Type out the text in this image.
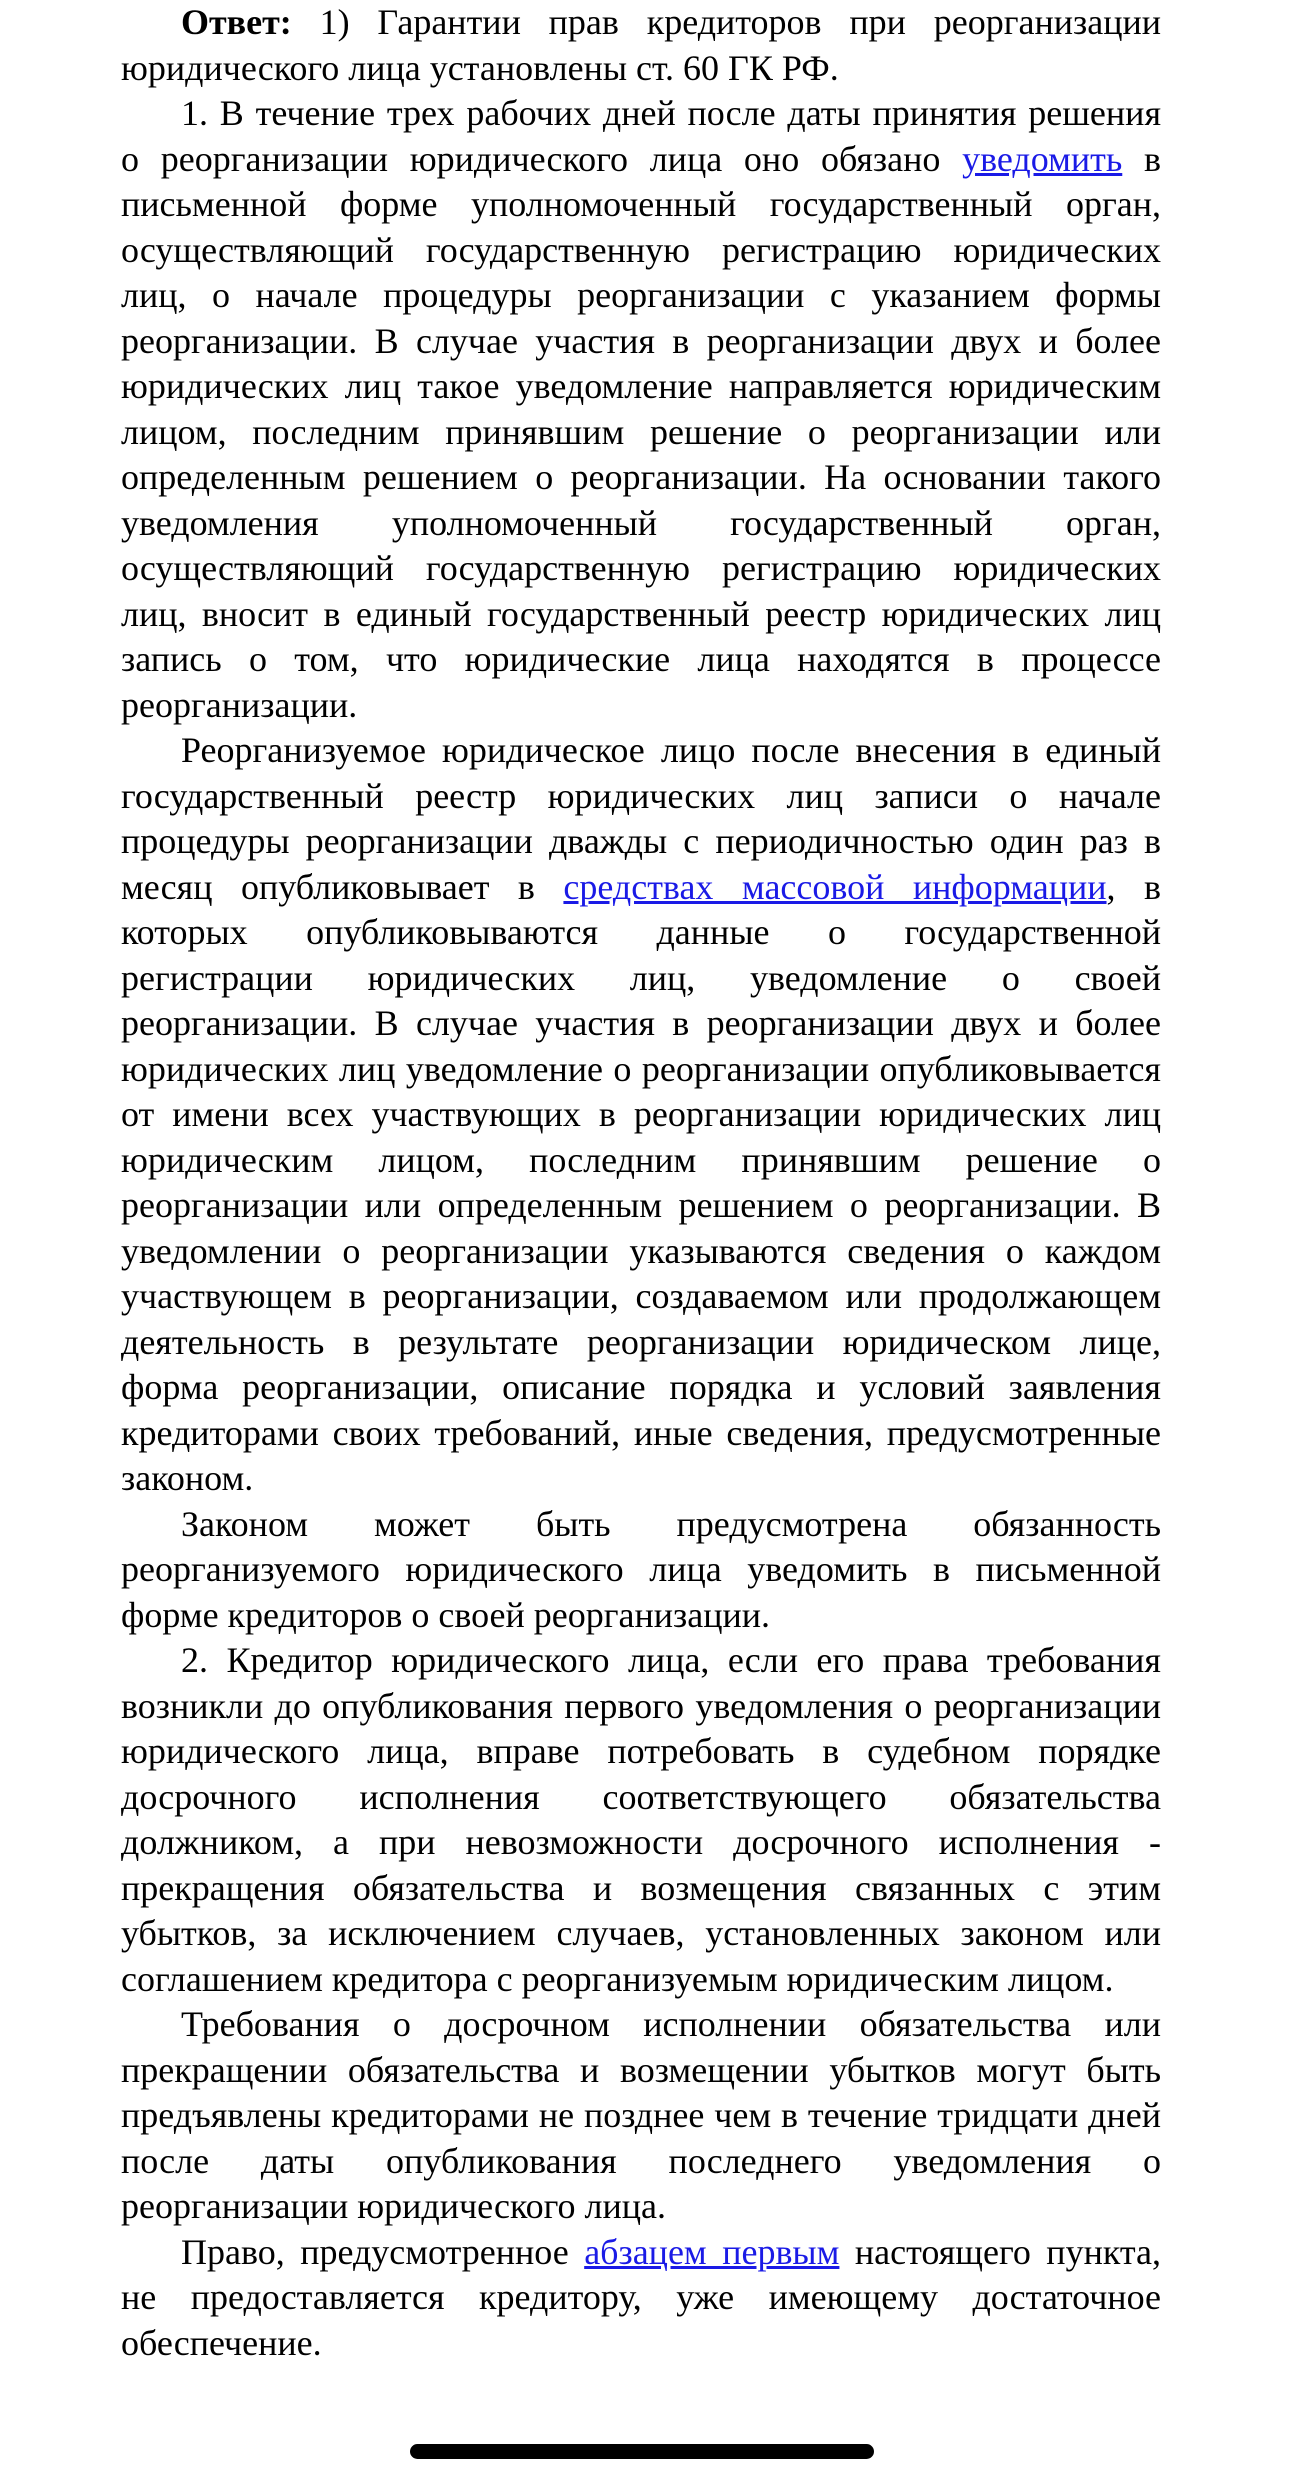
Ответ: 1) Гарантии прав кредиторов при реорганизации юридического лица установлены ст. 60 ГК РФ.

1. В течение трех рабочих дней после даты принятия решения о реорганизации юридического лица оно обязано уведомить в письменной форме уполномоченный государственный орган, осуществляющий государственную регистрацию юридических лиц, о начале процедуры реорганизации с указанием формы реорганизации. В случае участия в реорганизации двух и более юридических лиц такое уведомление направляется юридическим лицом, последним принявшим решение о реорганизации или определенным решением о реорганизации. На основании такого уведомления уполномоченный государственный орган, осуществляющий государственную регистрацию юридических лиц, вносит в единый государственный реестр юридических лиц запись о том, что юридические лица находятся в процессе реорганизации.

Реорганизуемое юридическое лицо после внесения в единый государственный реестр юридических лиц записи о начале процедуры реорганизации дважды с периодичностью один раз в месяц опубликовывает в средствах массовой информации, в которых опубликовываются данные о государственной регистрации юридических лиц, уведомление о своей реорганизации. В случае участия в реорганизации двух и более юридических лиц уведомление о реорганизации опубликовывается от имени всех участвующих в реорганизации юридических лиц юридическим лицом, последним принявшим решение о реорганизации или определенным решением о реорганизации. В уведомлении о реорганизации указываются сведения о каждом участвующем в реорганизации, создаваемом или продолжающем деятельность в результате реорганизации юридическом лице, форма реорганизации, описание порядка и условий заявления кредиторами своих требований, иные сведения, предусмотренные законом.

Законом может быть предусмотрена обязанность реорганизуемого юридического лица уведомить в письменной форме кредиторов о своей реорганизации.

2. Кредитор юридического лица, если его права требования возникли до опубликования первого уведомления о реорганизации юридического лица, вправе потребовать в судебном порядке досрочного исполнения соответствующего обязательства должником, а при невозможности досрочного исполнения - прекращения обязательства и возмещения связанных с этим убытков, за исключением случаев, установленных законом или соглашением кредитора с реорганизуемым юридическим лицом.

Требования о досрочном исполнении обязательства или прекращении обязательства и возмещении убытков могут быть предъявлены кредиторами не позднее чем в течение тридцати дней после даты опубликования последнего уведомления о реорганизации юридического лица.

Право, предусмотренное абзацем первым настоящего пункта, не предоставляется кредитору, уже имеющему достаточное обеспечение.
